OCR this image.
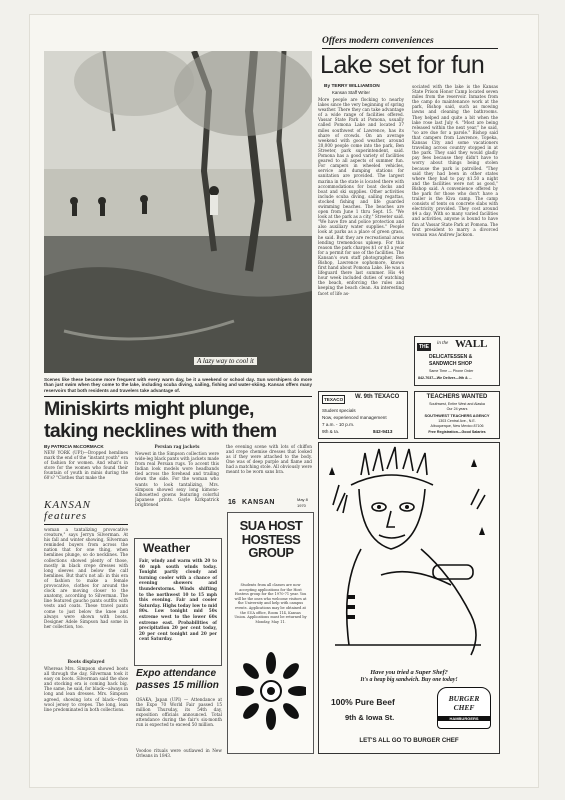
A lazy way to cool it
Scenes like these become more frequent with every warm day, be it a weekend or school day. Sun worshipers do more than just swim when they come to the lake, including scuba diving, sailing, fishing and water-skiing. Kansas offers many reservoirs that both residents and travelers take advantage of.
Offers modern conveniences
Lake set for fun
By TERRY WILLIAMSON
Kansan Staff Writer
More people are flocking to nearby lakes since the very beginning of spring weather. There they can take advantage of a wide range of facilities offered. Vassar State Park at Pomona, usually called Pomona Lake and located 37 miles southwest of Lawrence, has its share of crowds. On an average weekend with good weather, around 20,000 people come into the park, Ben Streeter, park superintendent, said. Pomona has a good variety of facilities geared to all aspects of summer fun. For campers in wheeled vehicles, service and dumping stations for sanitation are provided. The largest marina in the state is located there with accommodations for boat docks and boat and ski supplies. Other activities include scuba diving, sailing regattas, stocked fishing and life guarded swimming beaches. The beaches are open from June 1 thru Sept. 15. "We look at the park as a city," Streeter said. "We have fire and police protection and also auxiliary water supplies." People look at parks as a place of green grass, he said. But they are recreational areas lending tremendous upkeep. For this reason the park charges $1 or $3 a year for a permit for use of the facilities. The Kansan's own staff photographer, Ben Bishop, Lawrence sophomore, knows first hand about Pomona Lake. He was a lifeguard there last summer. His 44 hour week included duties of watching the beach, enforcing the rules and keeping the beach clean. An interesting facet of life as-
sociated with the lake is the Kansas State Prison Honor Camp located seven miles from the reservoir. Inmates from the camp do maintenance work at the park, Bishop said, such as mowing lawns and cleaning the bathrooms. They helped and quite a bit when the lake rose last July 4. "Most are being released within the next year," he said, "so are due for a parole." Bishop said that campers from Lawrence, Topeka, Kansas City and some vacationers traveling across country stopped in at the park. They said they would gladly pay fees because they didn't have to worry about things being stolen because the park is patrolled. "They said they had been in other states where they had to pay $1.50 a night and the facilities were not as good," Bishop said. A convenience offered by the park for those who don't have a trailer is the Kiva camp. The camp consists of tents on concrete slabs with electricity provided. They cost around $4 a day. With so many varied facilities and activities, anyone is bound to have fun at Vassar State Park at Pomona. The first president to marry a divorced woman was Andrew Jackson.
THE
in the WALL
DELICATESSEN &
SANDWICH SHOP
Same Time — Phone Order
842-7037—We Deliver—9th & ...
TEXACO	W. 9th TEXACO
Student specials
Now, experienced management
7 a.m. - 10 p.m.
9th & Ia.	842-9413
TEACHERS WANTED
Southwest, Entire West and Alaska
Our 24 years
SOUTHWEST TEACHERS AGENCY
1303 Central Ave., N.E.
Albuquerque, New Mexico 87106
Free Registration—Good Salaries
Miniskirts might plunge, taking necklines with them
By PATRICIA McCORMACK
NEW YORK (UPI)—Dropped hemlines mark the end of the "instant youth" era of fashion for women. And what's in store for the women who found their fountain of youth in minis during the 60's? "Clothes that make the
KANSAN features
woman a tantalizing provocative creature," says Jerryn Silverman. At his fall and winter showing, Silverman reminded buyers from across the nation that for one thing, when hemlines plunge, so do necklines. The collections showed plenty of those, mostly in black crepe dresses with long sleeves and below the calf hemlines. But that's not all: in this era of fashion to make a female provocative, clothes for around the clock are moving closer to the anatomy, according to Silverman. The line featured gaucho pants outfits with vests and coats. These travel pants come to just below the knee and always were shown with boots. Designer Adele Simpson had some in her collection, too.
Boots displayed
Whereas Mrs. Simpson showed boots all through the day, Silverman took it easy on boots. Silverman said the shoe and stocking era is coming back big. The same, he said, for black—always in long and lean dresses. Mrs. Simpson agreed, showing lots of black—from wool jersey to crepes. The long, lean line predominated in both collections.
Persian rag jackets
Newest in the Simpson collection were wide-leg black pants with jackets made from real Persian rugs. To accent this Indian look models wore headbands tied across the forehead and trailing down the side. For the woman who wants to look tantalizing, Mrs. Simpson showed sexy long kimono-silhouetted gowns featuring colorful Japanese prints. Gayle Kirkpatrick brightened
the evening scene with lots of chiffon and crepe chemise dresses that looked as if they were attached to the body. One was of deep purple and flame and had a matching stole. All obviously were meant to be worn sans bra.
Weather
Fair, windy and warm with 20 to 40 mph south winds today. Tonight partly cloudy and turning cooler with a chance of evening showers and thunderstorms. Winds shifting to the northwest 10 to 15 mph this evening. Fair and cooler Saturday. Highs today low to mid 80s. Low tonight mid 50s extreme west to the lower 60s extreme east. Probabilities of precipitation 20 per cent today, 20 per cent tonight and 20 per cent Saturday.
Expo attendance passes 15 million
OSAKA, Japan (UPI) — Attendance at the Expo 70 World Fair passed 15 million Thursday, its 54th day, exposition officials announced. Total attendance during the fair's six-month run is expected to exceed 50 million.
Voodoo rituals were outlawed in New Orleans in 1843.
16 KANSAN	May 8
1970
SUA HOST HOSTESS GROUP
Students from all classes are now accepting applications for the Host Hostess group for the 1970-71 year. You will be the ones who welcome visitors at the University and help with campus events. Applications may be obtained at the SUA office, Room 114, Kansas Union. Applications must be returned by Monday, May 11.
Have you tried a Super Shef?
It's a heap big sandwich. Buy one today!
100% Pure Beef
9th & Iowa St.
BURGER
CHEF
HAMBURGERS
LET'S ALL GO TO BURGER CHEF
